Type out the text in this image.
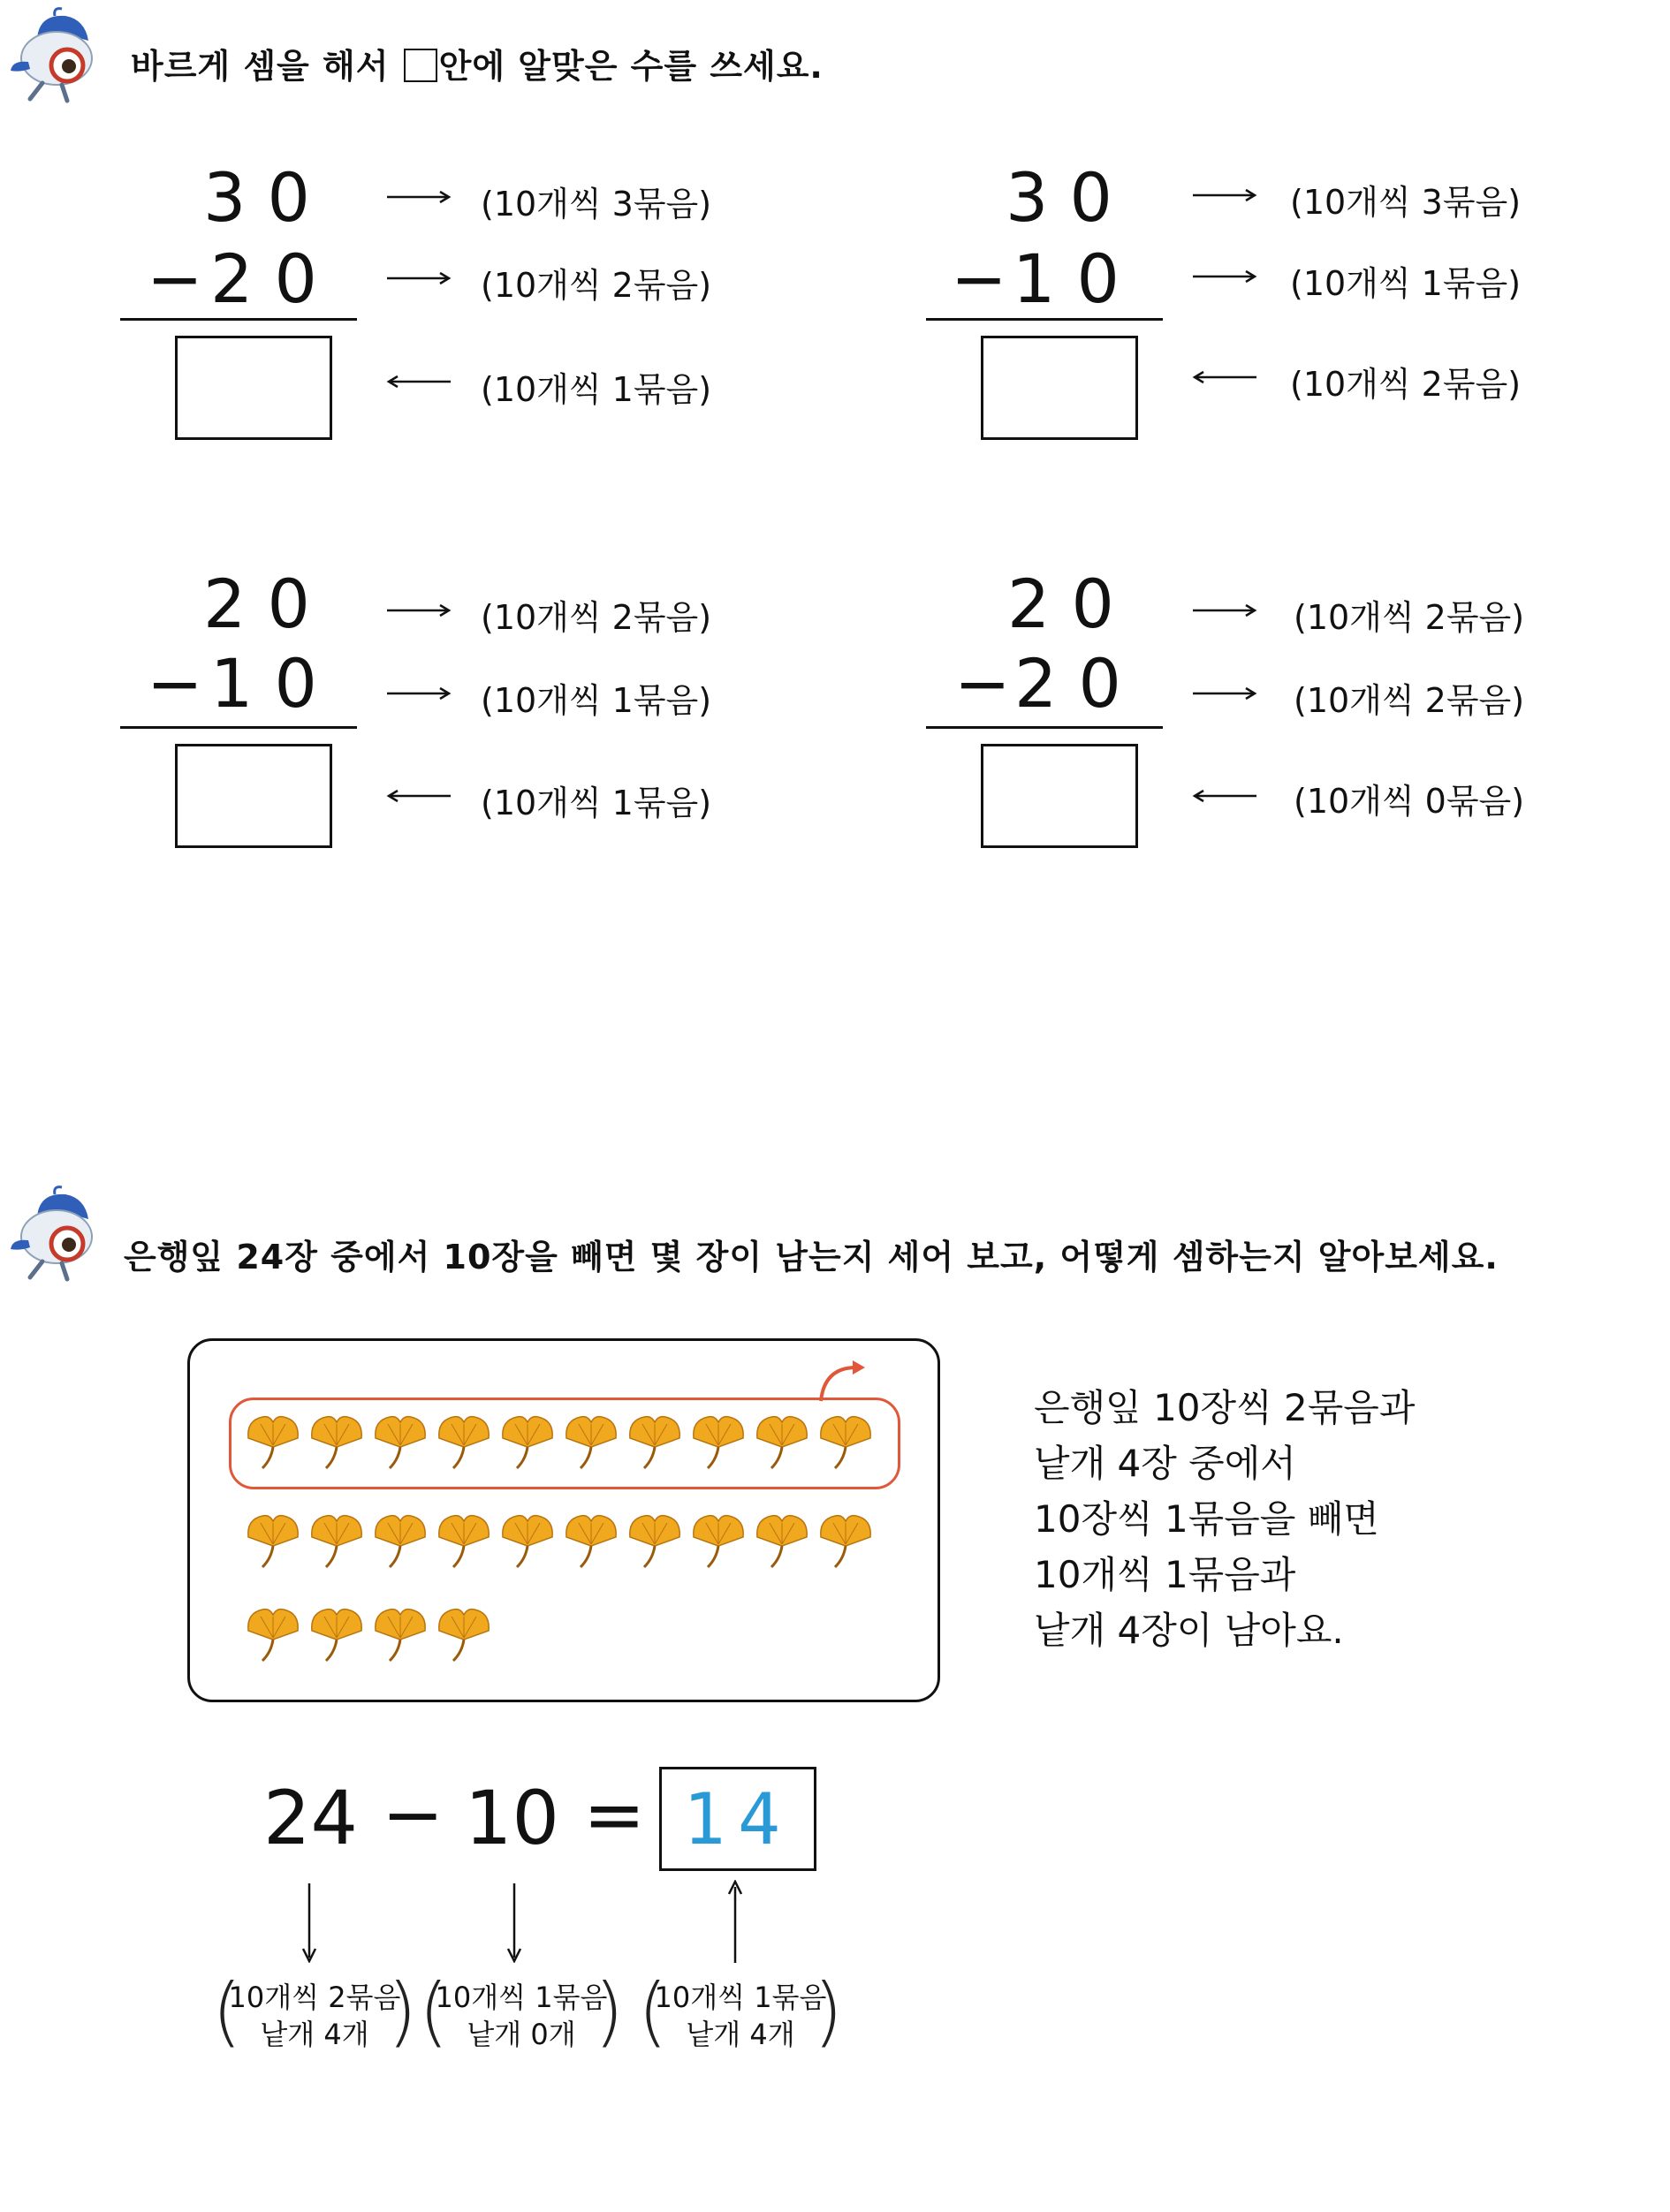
바르게 셈을 해서 안에 알맞은 수를 쓰세요.
3 0
− 2 0
(10개씩 3묶음)
(10개씩 2묶음)
(10개씩 1묶음)
3 0
− 1 0
(10개씩 3묶음)
(10개씩 1묶음)
(10개씩 2묶음)
2 0
− 1 0
(10개씩 2묶음)
(10개씩 1묶음)
(10개씩 1묶음)
2 0
− 2 0
(10개씩 2묶음)
(10개씩 2묶음)
(10개씩 0묶음)
은행잎 24장 중에서 10장을 빼면 몇 장이 남는지 세어 보고, 어떻게 셈하는지 알아보세요.
은행잎 10장씩 2묶음과
낱개 4장 중에서
10장씩 1묶음을 빼면
10개씩 1묶음과
낱개 4장이 남아요.
24 − 10 = 14
(
10개씩 2묶음
낱개 4개 ) (
10개씩 1묶음
낱개 0개 ) (
10개씩 1묶음
낱개 4개 )
